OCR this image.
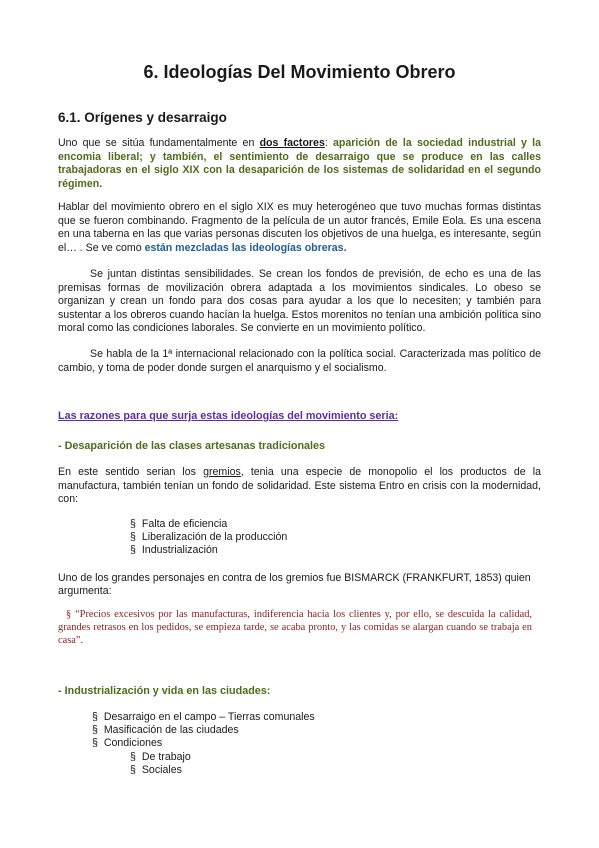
6. Ideologías Del Movimiento Obrero
6.1. Orígenes y desarraigo

Uno que se sitúa fundamentalmente en dos factores: aparición de la sociedad industrial y la encomia liberal; y también, el sentimiento de desarraigo que se produce en las calles trabajadoras en el siglo XIX con la desaparición de los sistemas de solidaridad en el segundo régimen.

Hablar del movimiento obrero en el siglo XIX es muy heterogéneo que tuvo muchas formas distintas que se fueron combinando. Fragmento de la película de un autor francés, Emile Eola. Es una escena en una taberna en las que varias personas discuten los objetivos de una huelga, es interesante, según el… . Se ve como están mezcladas las ideologías obreras.

Se juntan distintas sensibilidades. Se crean los fondos de previsión, de echo es una de las premisas formas de movilización obrera adaptada a los movimientos sindicales. Lo obeso se organizan y crean un fondo para dos cosas para ayudar a los que lo necesiten; y también para sustentar a los obreros cuando hacían la huelga. Estos morenitos no tenían una ambición política sino moral como las condiciones laborales. Se convierte en un movimiento político.

Se habla de la 1ª internacional relacionado con la política social. Caracterizada mas político de cambio, y toma de poder donde surgen el anarquismo y el socialismo.

Las razones para que surja estas ideologías del movimiento seria:

- Desaparición de las clases artesanas tradicionales

En este sentido serian los gremios, tenia una especie de monopolio el los productos de la manufactura, también tenían un fondo de solidaridad. Este sistema Entro en crisis con la modernidad, con:

§ Falta de eficiencia
§ Liberalización de la producción
§ Industrialización

Uno de los grandes personajes en contra de los gremios fue BISMARCK (FRANKFURT, 1853) quien argumenta:

§ “Precios excesivos por las manufacturas, indiferencia hacia los clientes y, por ello, se descuida la calidad, grandes retrasos en los pedidos, se empieza tarde, se acaba pronto, y las comidas se alargan cuando se trabaja en casa”.

- Industrialización y vida en las ciudades:

§ Desarraigo en el campo – Tierras comunales
§ Masificación de las ciudades
§ Condiciones
§ De trabajo
§ Sociales
